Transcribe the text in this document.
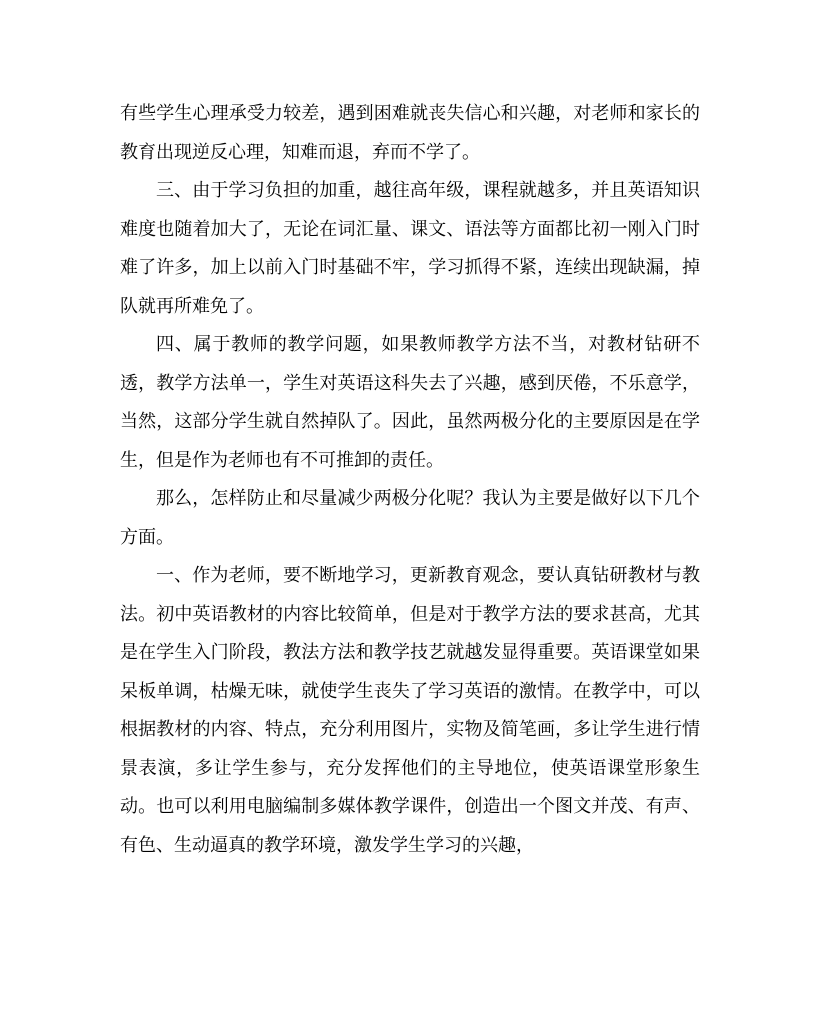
有些学生心理承受力较差，遇到困难就丧失信心和兴趣，对老师和家长的教育出现逆反心理，知难而退，弃而不学了。

三、由于学习负担的加重，越往高年级，课程就越多，并且英语知识难度也随着加大了，无论在词汇量、课文、语法等方面都比初一刚入门时难了许多，加上以前入门时基础不牢，学习抓得不紧，连续出现缺漏，掉队就再所难免了。

四、属于教师的教学问题，如果教师教学方法不当，对教材钻研不透，教学方法单一，学生对英语这科失去了兴趣，感到厌倦，不乐意学，当然，这部分学生就自然掉队了。因此，虽然两极分化的主要原因是在学生，但是作为老师也有不可推卸的责任。

那么，怎样防止和尽量减少两极分化呢？我认为主要是做好以下几个方面。

一、作为老师，要不断地学习，更新教育观念，要认真钻研教材与教法。初中英语教材的内容比较简单，但是对于教学方法的要求甚高，尤其是在学生入门阶段，教法方法和教学技艺就越发显得重要。英语课堂如果呆板单调，枯燥无味，就使学生丧失了学习英语的激情。在教学中，可以根据教材的内容、特点，充分利用图片，实物及简笔画，多让学生进行情景表演，多让学生参与，充分发挥他们的主导地位，使英语课堂形象生动。也可以利用电脑编制多媒体教学课件，创造出一个图文并茂、有声、有色、生动逼真的教学环境，激发学生学习的兴趣，
